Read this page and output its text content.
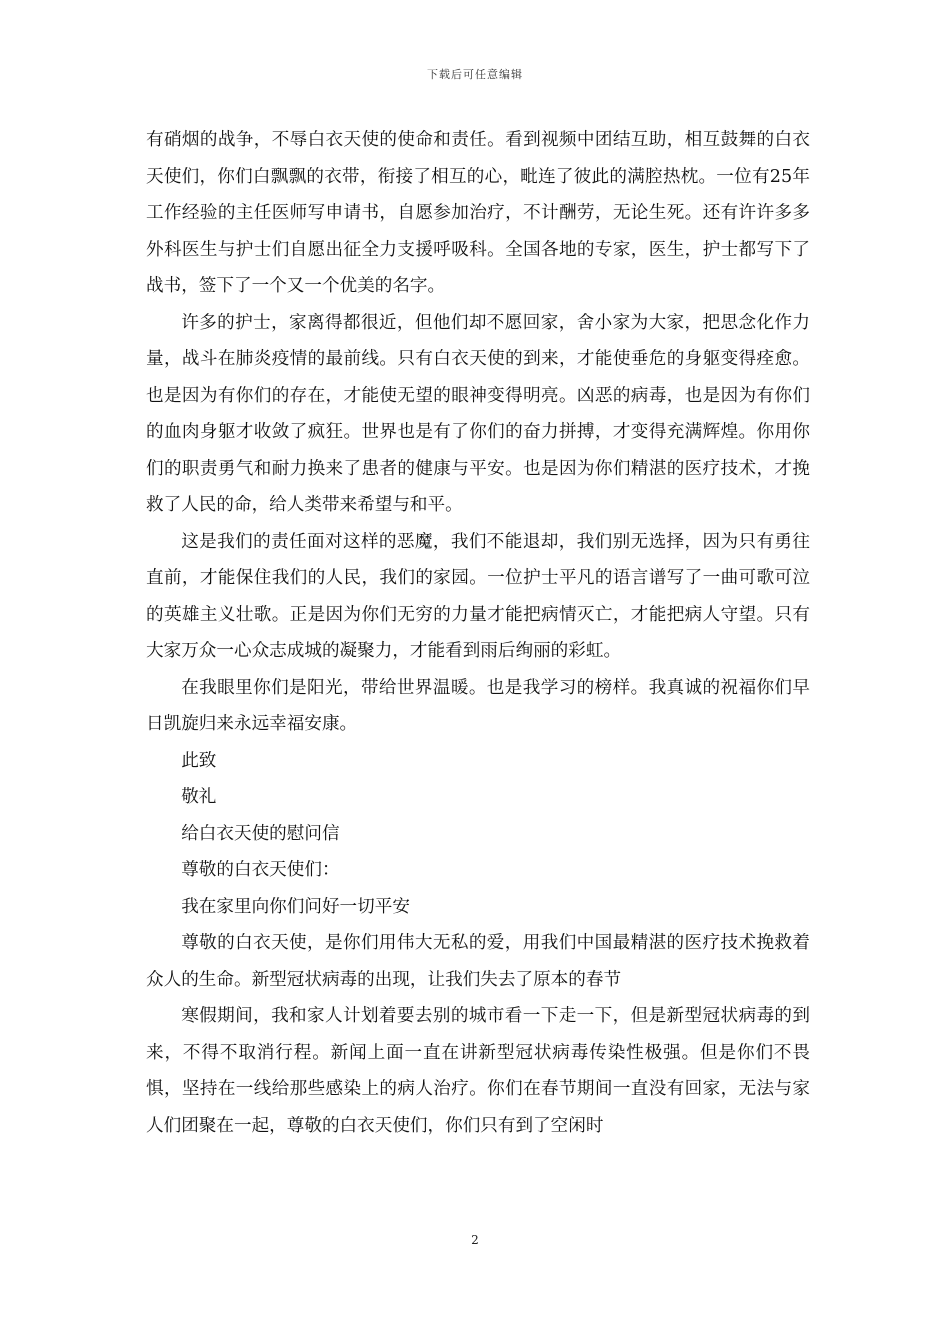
下载后可任意编辑

有硝烟的战争，不辱白衣天使的使命和责任。看到视频中团结互助，相互鼓舞的白衣天使们，你们白飘飘的衣带，衔接了相互的心，毗连了彼此的满腔热枕。一位有25年工作经验的主任医师写申请书，自愿参加治疗，不计酬劳，无论生死。还有许许多多外科医生与护士们自愿出征全力支援呼吸科。全国各地的专家，医生，护士都写下了战书，签下了一个又一个优美的名字。

许多的护士，家离得都很近，但他们却不愿回家，舍小家为大家，把思念化作力量，战斗在肺炎疫情的最前线。只有白衣天使的到来，才能使垂危的身躯变得痊愈。也是因为有你们的存在，才能使无望的眼神变得明亮。凶恶的病毒，也是因为有你们的血肉身躯才收敛了疯狂。世界也是有了你们的奋力拼搏，才变得充满辉煌。你用你们的职责勇气和耐力换来了患者的健康与平安。也是因为你们精湛的医疗技术，才挽救了人民的命，给人类带来希望与和平。

这是我们的责任面对这样的恶魔，我们不能退却，我们别无选择，因为只有勇往直前，才能保住我们的人民，我们的家园。一位护士平凡的语言谱写了一曲可歌可泣的英雄主义壮歌。正是因为你们无穷的力量才能把病情灭亡，才能把病人守望。只有大家万众一心众志成城的凝聚力，才能看到雨后绚丽的彩虹。

在我眼里你们是阳光，带给世界温暖。也是我学习的榜样。我真诚的祝福你们早日凯旋归来永远幸福安康。

此致

敬礼

给白衣天使的慰问信

尊敬的白衣天使们：

我在家里向你们问好一切平安

尊敬的白衣天使，是你们用伟大无私的爱，用我们中国最精湛的医疗技术挽救着众人的生命。新型冠状病毒的出现，让我们失去了原本的春节

寒假期间，我和家人计划着要去别的城市看一下走一下，但是新型冠状病毒的到来，不得不取消行程。新闻上面一直在讲新型冠状病毒传染性极强。但是你们不畏惧，坚持在一线给那些感染上的病人治疗。你们在春节期间一直没有回家，无法与家人们团聚在一起，尊敬的白衣天使们，你们只有到了空闲时

2
